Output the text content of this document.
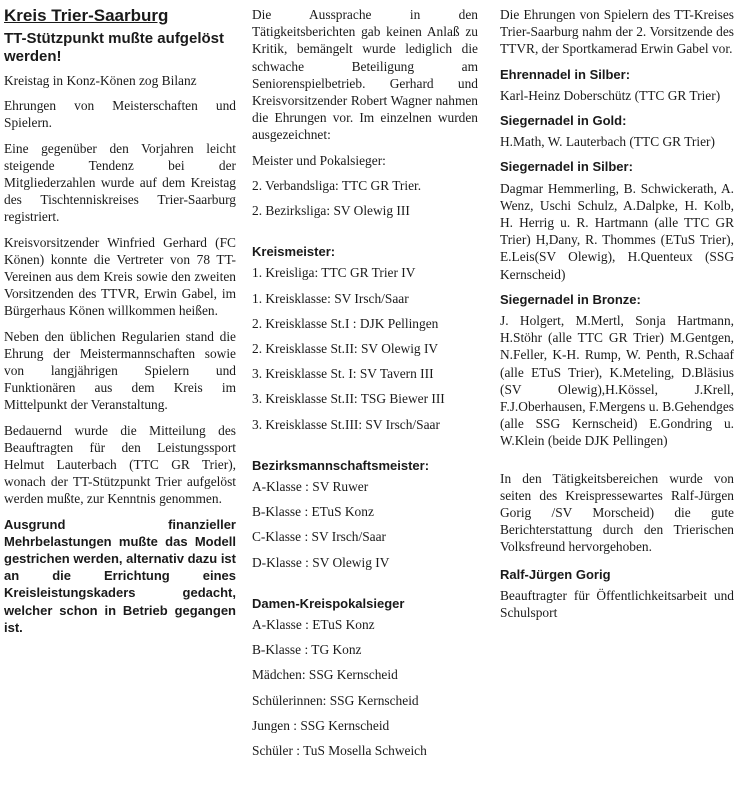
Kreis Trier-Saarburg
TT-Stützpunkt mußte aufgelöst werden!

Kreistag in Konz-Könen zog Bilanz

Ehrungen von Meisterschaften und Spielern.

Eine gegenüber den Vorjahren leicht steigende Tendenz bei der Mitgliederzahlen wurde auf dem Kreistag des Tischtenniskreises Trier-Saarburg registriert.

Kreisvorsitzender Winfried Gerhard (FC Könen) konnte die Vertreter von 78 TT-Vereinen aus dem Kreis sowie den zweiten Vorsitzenden des TTVR, Erwin Gabel, im Bürgerhaus Könen willkommen heißen.

Neben den üblichen Regularien stand die Ehrung der Meistermannschaften sowie von langjährigen Spielern und Funktionären aus dem Kreis im Mittelpunkt der Veranstaltung.

Bedauernd wurde die Mitteilung des Beauftragten für den Leistungssport Helmut Lauterbach (TTC GR Trier), wonach der TT-Stützpunkt Trier aufgelöst werden mußte, zur Kenntnis genommen.

Ausgrund finanzieller Mehrbelastungen mußte das Modell gestrichen werden, alternativ dazu ist an die Errichtung eines Kreisleistungskaders gedacht, welcher schon in Betrieb gegangen ist.

Die Aussprache in den Tätigkeitsberichten gab keinen Anlaß zu Kritik, bemängelt wurde lediglich die schwache Beteiligung am Seniorenspielbetrieb. Gerhard und Kreisvorsitzender Robert Wagner nahmen die Ehrungen vor. Im einzelnen wurden ausgezeichnet:

Meister und Pokalsieger:

2. Verbandsliga: TTC GR Trier.
2. Bezirksliga: SV Olewig III
Kreismeister:
1. Kreisliga: TTC GR Trier IV
1. Kreisklasse: SV Irsch/Saar
2. Kreisklasse St.I : DJK Pellingen
2. Kreisklasse St.II: SV Olewig IV
3. Kreisklasse St. I: SV Tavern III
3. Kreisklasse St.II: TSG Biewer III
3. Kreisklasse St.III: SV Irsch/Saar
Bezirksmannschaftsmeister:
A-Klasse : SV Ruwer
B-Klasse : ETuS Konz
C-Klasse : SV Irsch/Saar
D-Klasse : SV Olewig IV
Damen-Kreispokalsieger
A-Klasse : ETuS Konz
B-Klasse : TG Konz
Mädchen: SSG Kernscheid
Schülerinnen: SSG Kernscheid
Jungen : SSG Kernscheid
Schüler : TuS Mosella Schweich

Die Ehrungen von Spielern des TT-Kreises Trier-Saarburg nahm der 2. Vorsitzende des TTVR, der Sportkamerad Erwin Gabel vor.

Ehrennadel in Silber:

Karl-Heinz Doberschütz (TTC GR Trier)

Siegernadel in Gold:

H.Math, W. Lauterbach (TTC GR Trier)

Siegernadel in Silber:

Dagmar Hemmerling, B. Schwickerath, A. Wenz, Uschi Schulz, A.Dalpke, H. Kolb, H. Herrig u. R. Hartmann (alle TTC GR Trier) H,Dany, R. Thommes (ETuS Trier), E.Leis(SV Olewig), H.Quenteux (SSG Kernscheid)

Siegernadel in Bronze:

J. Holgert, M.Mertl, Sonja Hartmann, H.Stöhr (alle TTC GR Trier) M.Gentgen, N.Feller, K-H. Rump, W. Penth, R.Schaaf (alle ETuS Trier), K.Meteling, D.Bläsius (SV Olewig),H.Kössel, J.Krell, F.J.Oberhausen, F.Mergens u. B.Gehendges (alle SSG Kernscheid) E.Gondring u. W.Klein (beide DJK Pellingen)

In den Tätigkeitsbereichen wurde von seiten des Kreispressewartes Ralf-Jürgen Gorig /SV Morscheid) die gute Berichterstattung durch den Trierischen Volksfreund hervorgehoben.

Ralf-Jürgen Gorig

Beauftragter für Öffentlichkeitsarbeit und Schulsport
